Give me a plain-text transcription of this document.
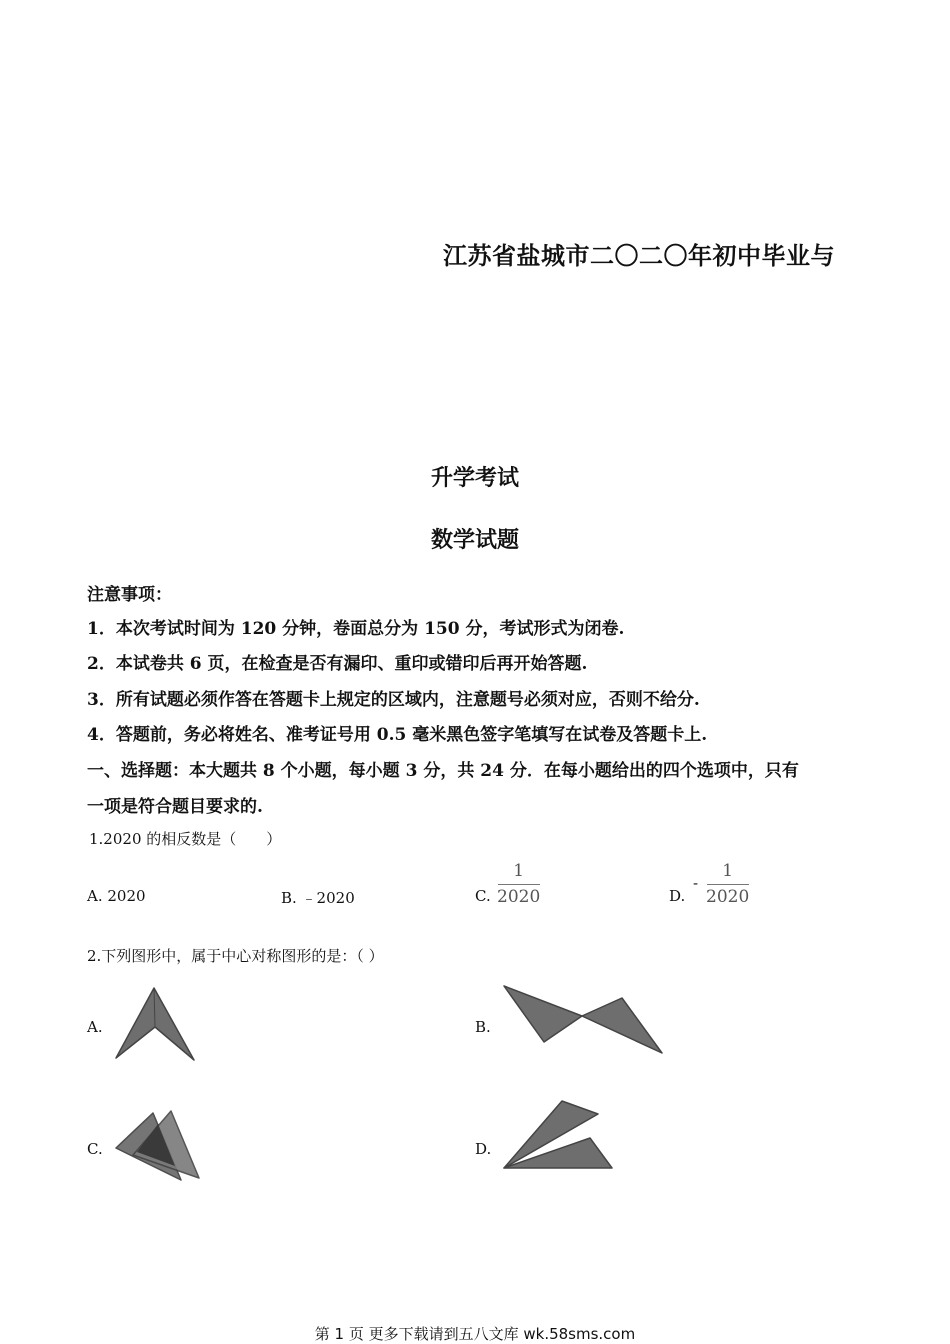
江苏省盐城市二〇二〇年初中毕业与
升学考试
数学试题
注意事项：
1．本次考试时间为 120 分钟，卷面总分为 150 分，考试形式为闭卷.
2．本试卷共 6 页，在检查是否有漏印、重印或错印后再开始答题.
3．所有试题必须作答在答题卡上规定的区域内，注意题号必须对应，否则不给分.
4．答题前，务必将姓名、准考证号用 0.5 毫米黑色签字笔填写在试卷及答题卡上.
一、选择题：本大题共 8 个小题，每小题 3 分，共 24 分．在每小题给出的四个选项中，只有
一项是符合题目要求的.
1.2020 的相反数是（　　）
A. 2020	B. ﹣2020	C.
1
2020	D.
-
1
2020
2.下列图形中，属于中心对称图形的是：（ ）
A.	B.
C.	D.
第 1 页 更多下载请到五八文库 wk.58sms.com
